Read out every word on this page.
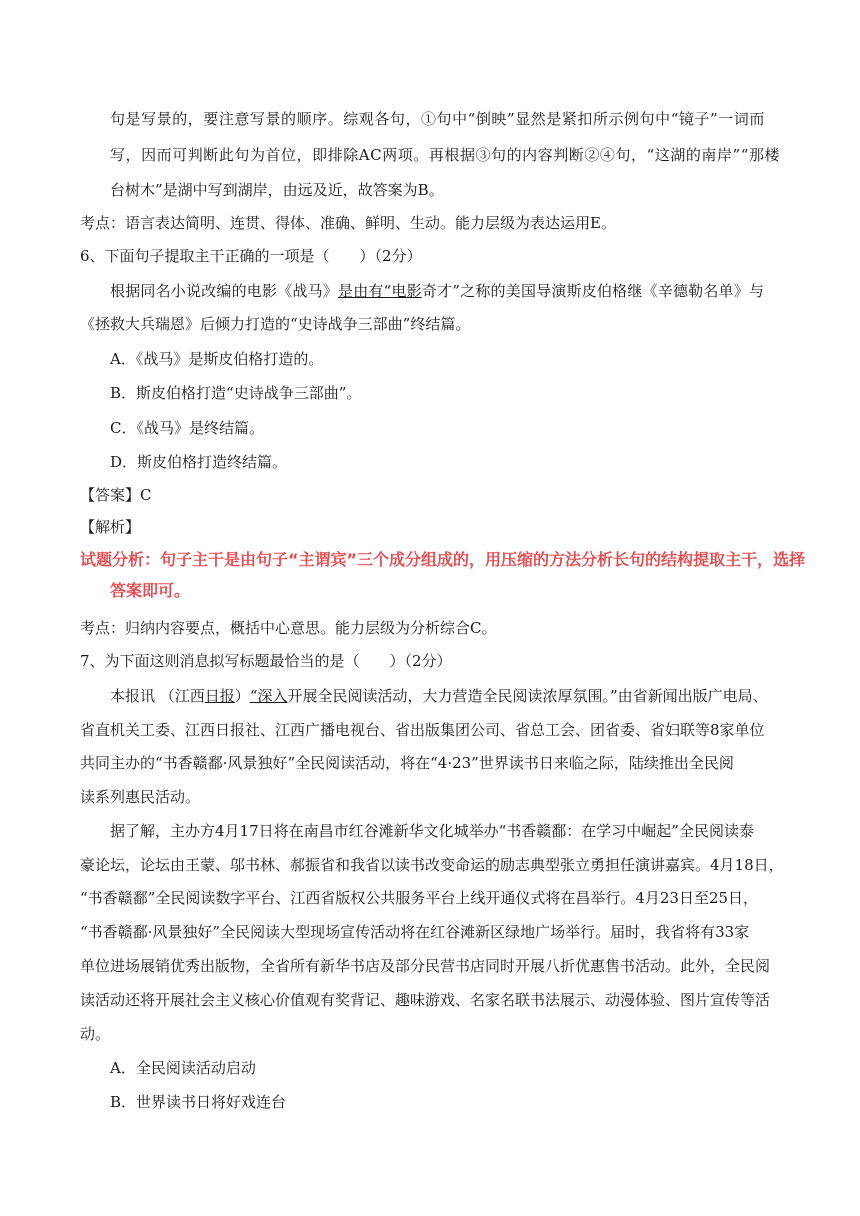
句是写景的，要注意写景的顺序。综观各句，①句中“倒映”显然是紧扣所示例句中“镜子”一词而
写，因而可判断此句为首位，即排除AC两项。再根据③句的内容判断②④句，“这湖的南岸”“那楼
台树木”是湖中写到湖岸，由远及近，故答案为B。
考点：语言表达简明、连贯、得体、准确、鲜明、生动。能力层级为表达运用E。
6、下面句子提取主干正确的一项是（　　）（2分）
根据同名小说改编的电影《战马》是由有“电影奇才”之称的美国导演斯皮伯格继《辛德勒名单》与
《拯救大兵瑞恩》后倾力打造的“史诗战争三部曲”终结篇。
A．《战马》是斯皮伯格打造的。
B．斯皮伯格打造“史诗战争三部曲”。
C．《战马》是终结篇。
D．斯皮伯格打造终结篇。
【答案】C
【解析】
试题分析：句子主干是由句子“主谓宾”三个成分组成的，用压缩的方法分析长句的结构提取主干，选择
答案即可。
考点：归纳内容要点，概括中心意思。能力层级为分析综合C。
7、为下面这则消息拟写标题最恰当的是（　　）（2分）
本报讯 （江西日报）“深入开展全民阅读活动，大力营造全民阅读浓厚氛围。”由省新闻出版广电局、
省直机关工委、江西日报社、江西广播电视台、省出版集团公司、省总工会、团省委、省妇联等8家单位
共同主办的“书香赣鄱·风景独好”全民阅读活动，将在“4·23”世界读书日来临之际，陆续推出全民阅
读系列惠民活动。
据了解，主办方4月17日将在南昌市红谷滩新华文化城举办“书香赣鄱：在学习中崛起”全民阅读泰
豪论坛，论坛由王蒙、邬书林、郝振省和我省以读书改变命运的励志典型张立勇担任演讲嘉宾。4月18日，
“书香赣鄱”全民阅读数字平台、江西省版权公共服务平台上线开通仪式将在昌举行。4月23日至25日，
“书香赣鄱·风景独好”全民阅读大型现场宣传活动将在红谷滩新区绿地广场举行。届时，我省将有33家
单位进场展销优秀出版物，全省所有新华书店及部分民营书店同时开展八折优惠售书活动。此外，全民阅
读活动还将开展社会主义核心价值观有奖背记、趣味游戏、名家名联书法展示、动漫体验、图片宣传等活
动。
A．全民阅读活动启动
B．世界读书日将好戏连台
